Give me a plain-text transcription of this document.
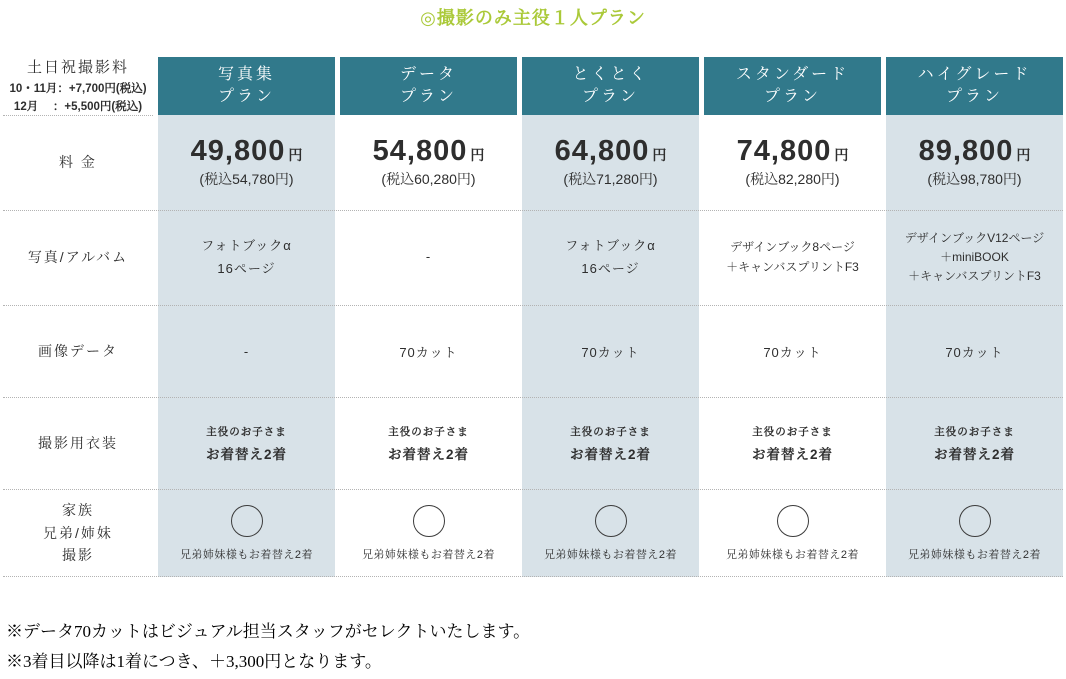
◎撮影のみ主役１人プラン
土日祝撮影料
10・11月：+7,700円(税込)
12月　 ：+5,500円(税込)
料 金
写真/アルバム
画像データ
撮影用衣装
家族
兄弟/姉妹
撮影
写真集
プラン
49,800 円
(税込54,780円)
フォトブックα
16ページ
-
主役のお子さま
お着替え2着
兄弟姉妹様もお着替え2着
データ
プラン
54,800 円
(税込60,280円)
-
70カット
主役のお子さま
お着替え2着
兄弟姉妹様もお着替え2着
とくとく
プラン
64,800 円
(税込71,280円)
フォトブックα
16ページ
70カット
主役のお子さま
お着替え2着
兄弟姉妹様もお着替え2着
スタンダード
プラン
74,800 円
(税込82,280円)
デザインブック8ページ
＋キャンバスプリントF3
70カット
主役のお子さま
お着替え2着
兄弟姉妹様もお着替え2着
ハイグレード
プラン
89,800 円
(税込98,780円)
デザインブックV12ページ
＋miniBOOK
＋キャンバスプリントF3
70カット
主役のお子さま
お着替え2着
兄弟姉妹様もお着替え2着
※データ70カットはビジュアル担当スタッフがセレクトいたします。
※3着目以降は1着につき、＋3,300円となります。
